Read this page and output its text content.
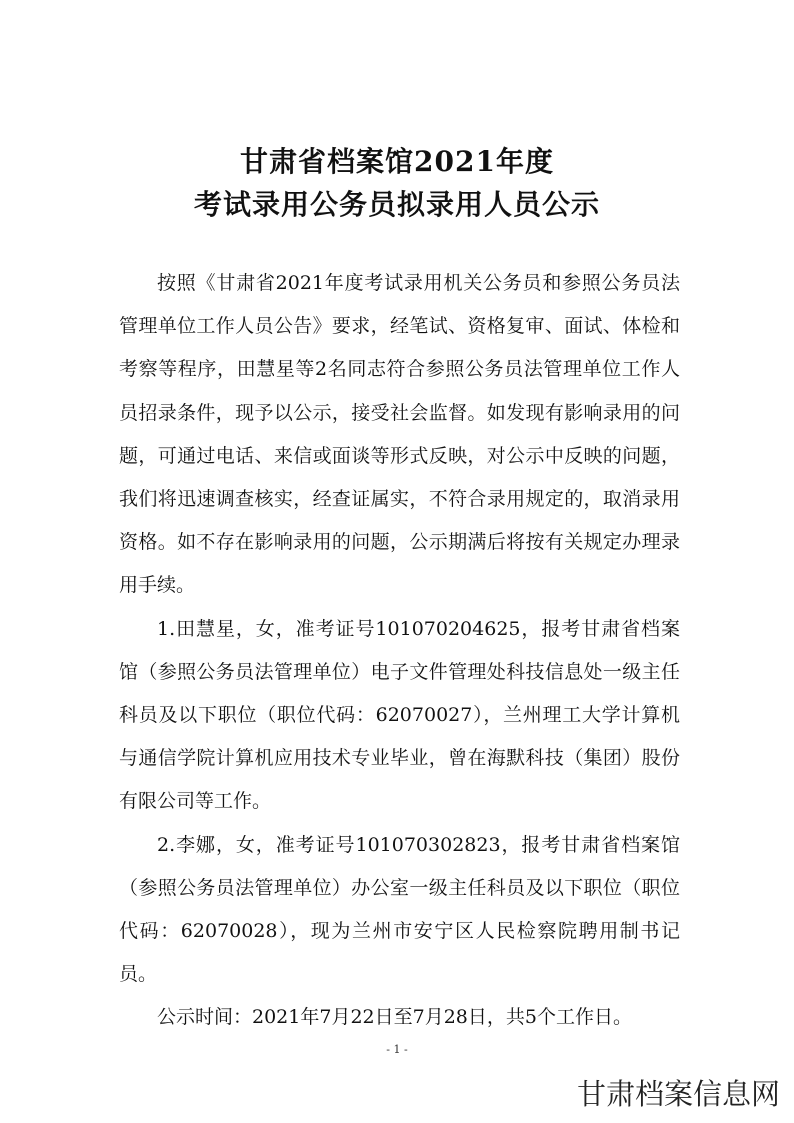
甘肃省档案馆2021年度
考试录用公务员拟录用人员公示

按照《甘肃省2021年度考试录用机关公务员和参照公务员法管理单位工作人员公告》要求，经笔试、资格复审、面试、体检和考察等程序，田慧星等2名同志符合参照公务员法管理单位工作人员招录条件，现予以公示，接受社会监督。如发现有影响录用的问题，可通过电话、来信或面谈等形式反映，对公示中反映的问题，我们将迅速调查核实，经查证属实，不符合录用规定的，取消录用资格。如不存在影响录用的问题，公示期满后将按有关规定办理录用手续。

1.田慧星，女，准考证号101070204625，报考甘肃省档案馆（参照公务员法管理单位）电子文件管理处科技信息处一级主任科员及以下职位（职位代码：62070027），兰州理工大学计算机与通信学院计算机应用技术专业毕业，曾在海默科技（集团）股份有限公司等工作。

2.李娜，女，准考证号101070302823，报考甘肃省档案馆（参照公务员法管理单位）办公室一级主任科员及以下职位（职位代码：62070028），现为兰州市安宁区人民检察院聘用制书记员。

公示时间：2021年7月22日至7月28日，共5个工作日。

- 1 -
甘肃档案信息网
